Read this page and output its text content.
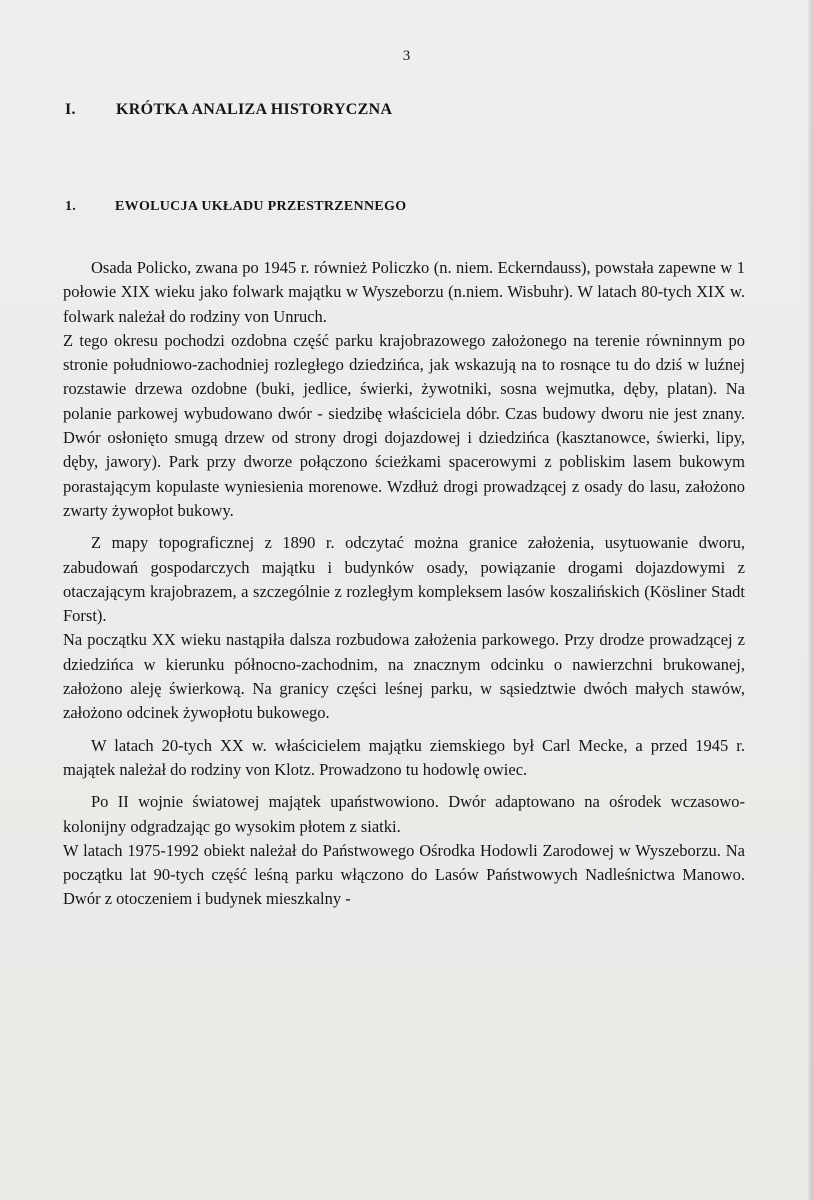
3
I.	KRÓTKA ANALIZA HISTORYCZNA
1.	EWOLUCJA UKŁADU PRZESTRZENNEGO

Osada Policko, zwana po 1945 r. również Policzko (n. niem. Eckerndauss), powstała zapewne w 1 połowie XIX wieku jako folwark majątku w Wyszeborzu (n.niem. Wisbuhr). W latach 80-tych XIX w. folwark należał do rodziny von Unruch.

Z tego okresu pochodzi ozdobna część parku krajobrazowego założonego na terenie równinnym po stronie południowo-zachodniej rozległego dziedzińca, jak wskazują na to rosnące tu do dziś w luźnej rozstawie drzewa ozdobne (buki, jedlice, świerki, żywotniki, sosna wejmutka, dęby, platan). Na polanie parkowej wybudowano dwór - siedzibę właściciela dóbr. Czas budowy dworu nie jest znany. Dwór osłonięto smugą drzew od strony drogi dojazdowej i dziedzińca (kasztanowce, świerki, lipy, dęby, jawory). Park przy dworze połączono ścieżkami spacerowymi z pobliskim lasem bukowym porastającym kopulaste wyniesienia morenowe. Wzdłuż drogi prowadzącej z osady do lasu, założono zwarty żywopłot bukowy.

Z mapy topograficznej z 1890 r. odczytać można granice założenia, usytuowanie dworu, zabudowań gospodarczych majątku i budynków osady, powiązanie drogami dojazdowymi z otaczającym krajobrazem, a szczególnie z rozległym kompleksem lasów koszalińskich (Kösliner Stadt Forst).

Na początku XX wieku nastąpiła dalsza rozbudowa założenia parkowego. Przy drodze prowadzącej z dziedzińca w kierunku północno-zachodnim, na znacznym odcinku o nawierzchni brukowanej, założono aleję świerkową. Na granicy części leśnej parku, w sąsiedztwie dwóch małych stawów, założono odcinek żywopłotu bukowego.

W latach 20-tych XX w. właścicielem majątku ziemskiego był Carl Mecke, a przed 1945 r. majątek należał do rodziny von Klotz. Prowadzono tu hodowlę owiec.

Po II wojnie światowej majątek upaństwowiono. Dwór adaptowano na ośrodek wczasowo-kolonijny odgradzając go wysokim płotem z siatki.

W latach 1975-1992 obiekt należał do Państwowego Ośrodka Hodowli Zarodowej w Wyszeborzu. Na początku lat 90-tych część leśną parku włączono do Lasów Państwowych Nadleśnictwa Manowo. Dwór z otoczeniem i budynek mieszkalny -
